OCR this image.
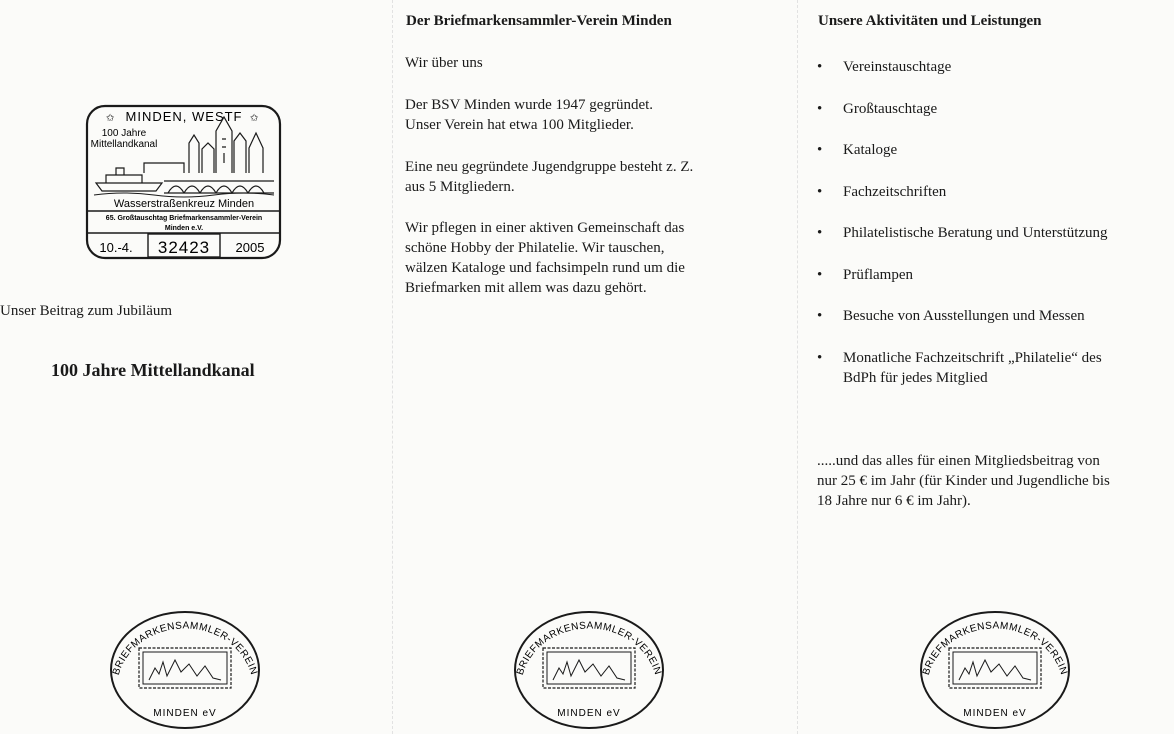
✩ MINDEN, WESTF ✩
100 Jahre
Mittellandkanal
Wasserstraßenkreuz Minden
65. Großtauschtag Briefmarkensammler-Verein
Minden e.V.
10.-4. 32423 2005
Unser Beitrag zum Jubiläum
100 Jahre Mittellandkanal
Der Briefmarkensammler-Verein Minden
Wir über uns
Der BSV Minden wurde 1947 gegründet.
Unser Verein hat etwa 100 Mitglieder.
Eine neu gegründete Jugendgruppe besteht z. Z.
aus 5 Mitgliedern.
Wir pflegen in einer aktiven Gemeinschaft das
schöne Hobby der Philatelie. Wir tauschen,
wälzen Kataloge und fachsimpeln rund um die
Briefmarken mit allem was dazu gehört.
Unsere Aktivitäten und Leistungen
• Vereinstauschtage
• Großtauschtage
• Kataloge
• Fachzeitschriften
• Philatelistische Beratung und Unterstützung
• Prüflampen
• Besuche von Ausstellungen und Messen
• Monatliche Fachzeitschrift „Philatelie“ des
BdPh für jedes Mitglied
.....und das alles für einen Mitgliedsbeitrag von
nur 25 € im Jahr (für Kinder und Jugendliche bis
18 Jahre nur 6 € im Jahr).
BRIEFMARKENSAMMLER-VEREIN
MINDEN eV
BRIEFMARKENSAMMLER-VEREIN
MINDEN eV
BRIEFMARKENSAMMLER-VEREIN
MINDEN eV
